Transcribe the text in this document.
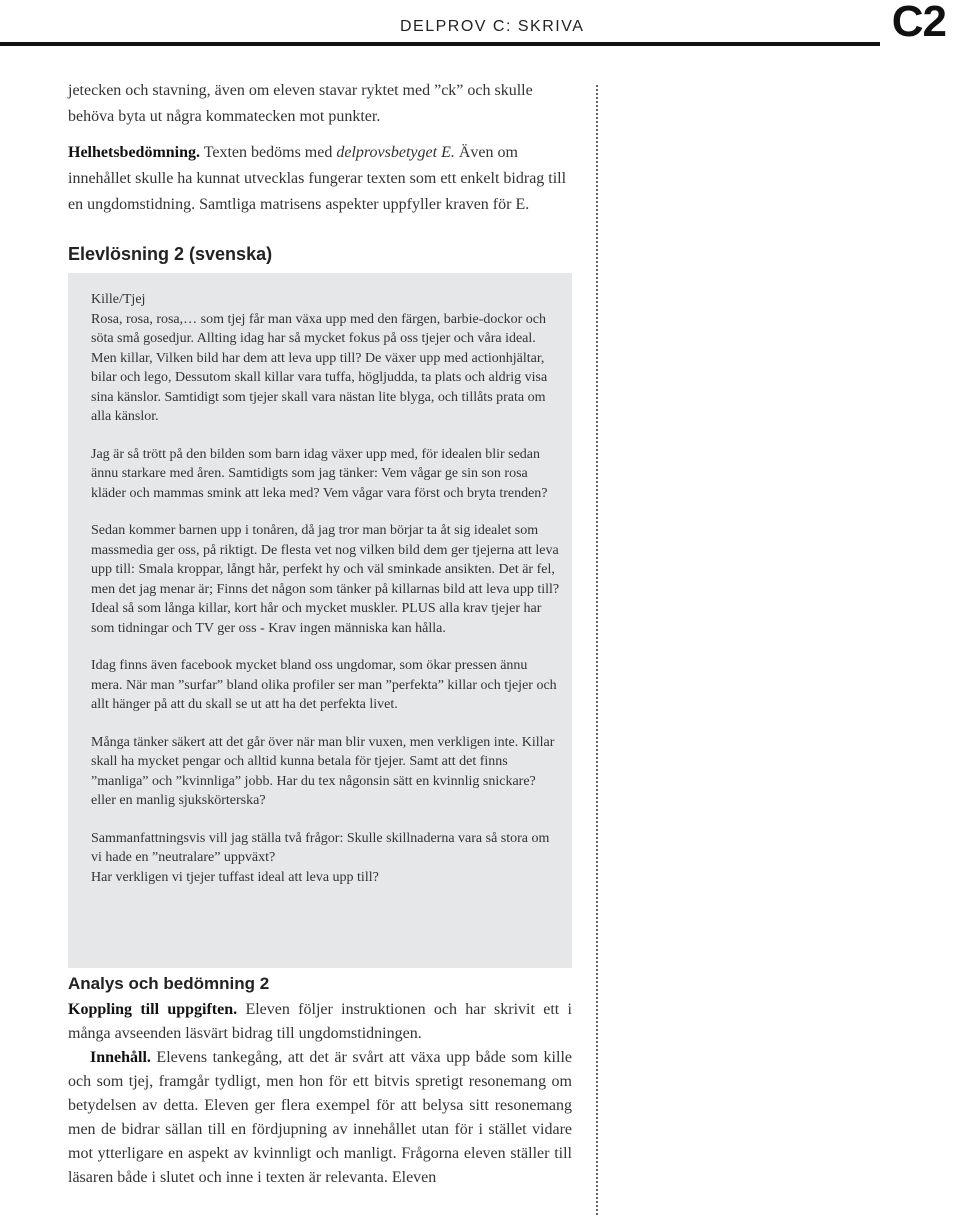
DELPROV C: SKRIVA	C2

jetecken och stavning, även om eleven stavar ryktet med ”ck” och skulle behöva byta ut några kommatecken mot punkter.

Helhetsbedömning. Texten bedöms med delprovsbetyget E. Även om innehållet skulle ha kunnat utvecklas fungerar texten som ett enkelt bidrag till en ungdomstidning. Samtliga matrisens aspekter uppfyller kraven för E.

Elevlösning 2 (svenska)

Kille/Tjej

Rosa, rosa, rosa,… som tjej får man växa upp med den färgen, barbie-dockor och söta små gosedjur. Allting idag har så mycket fokus på oss tjejer och våra ideal. Men killar, Vilken bild har dem att leva upp till? De växer upp med actionhjältar, bilar och lego, Dessutom skall killar vara tuffa, högljudda, ta plats och aldrig visa sina känslor. Samtidigt som tjejer skall vara nästan lite blyga, och tillåts prata om alla känslor.

Jag är så trött på den bilden som barn idag växer upp med, för idealen blir sedan ännu starkare med åren. Samtidigts som jag tänker: Vem vågar ge sin son rosa kläder och mammas smink att leka med? Vem vågar vara först och bryta trenden?

Sedan kommer barnen upp i tonåren, då jag tror man börjar ta åt sig idealet som massmedia ger oss, på riktigt. De flesta vet nog vilken bild dem ger tjejerna att leva upp till: Smala kroppar, långt hår, perfekt hy och väl sminkade ansikten. Det är fel, men det jag menar är; Finns det någon som tänker på killarnas bild att leva upp till? Ideal så som långa killar, kort hår och mycket muskler. PLUS alla krav tjejer har som tidningar och TV ger oss - Krav ingen människa kan hålla.

Idag finns även facebook mycket bland oss ungdomar, som ökar pressen ännu mera. När man ”surfar” bland olika profiler ser man ”perfekta” killar och tjejer och allt hänger på att du skall se ut att ha det perfekta livet.

Många tänker säkert att det går över när man blir vuxen, men verkligen inte. Killar skall ha mycket pengar och alltid kunna betala för tjejer. Samt att det finns ”manliga” och ”kvinnliga” jobb. Har du tex någonsin sätt en kvinnlig snickare? eller en manlig sjukskörterska?

Sammanfattningsvis vill jag ställa två frågor: Skulle skillnaderna vara så stora om vi hade en ”neutralare” uppväxt?

Har verkligen vi tjejer tuffast ideal att leva upp till?

Analys och bedömning 2

Koppling till uppgiften. Eleven följer instruktionen och har skrivit ett i många avseenden läsvärt bidrag till ungdomstidningen.

Innehåll. Elevens tankegång, att det är svårt att växa upp både som kille och som tjej, framgår tydligt, men hon för ett bitvis spretigt resonemang om betydelsen av detta. Eleven ger flera exempel för att belysa sitt resonemang men de bidrar sällan till en fördjupning av innehållet utan för i stället vidare mot ytterligare en aspekt av kvinnligt och manligt. Frågorna eleven ställer till läsaren både i slutet och inne i texten är relevanta. Eleven
